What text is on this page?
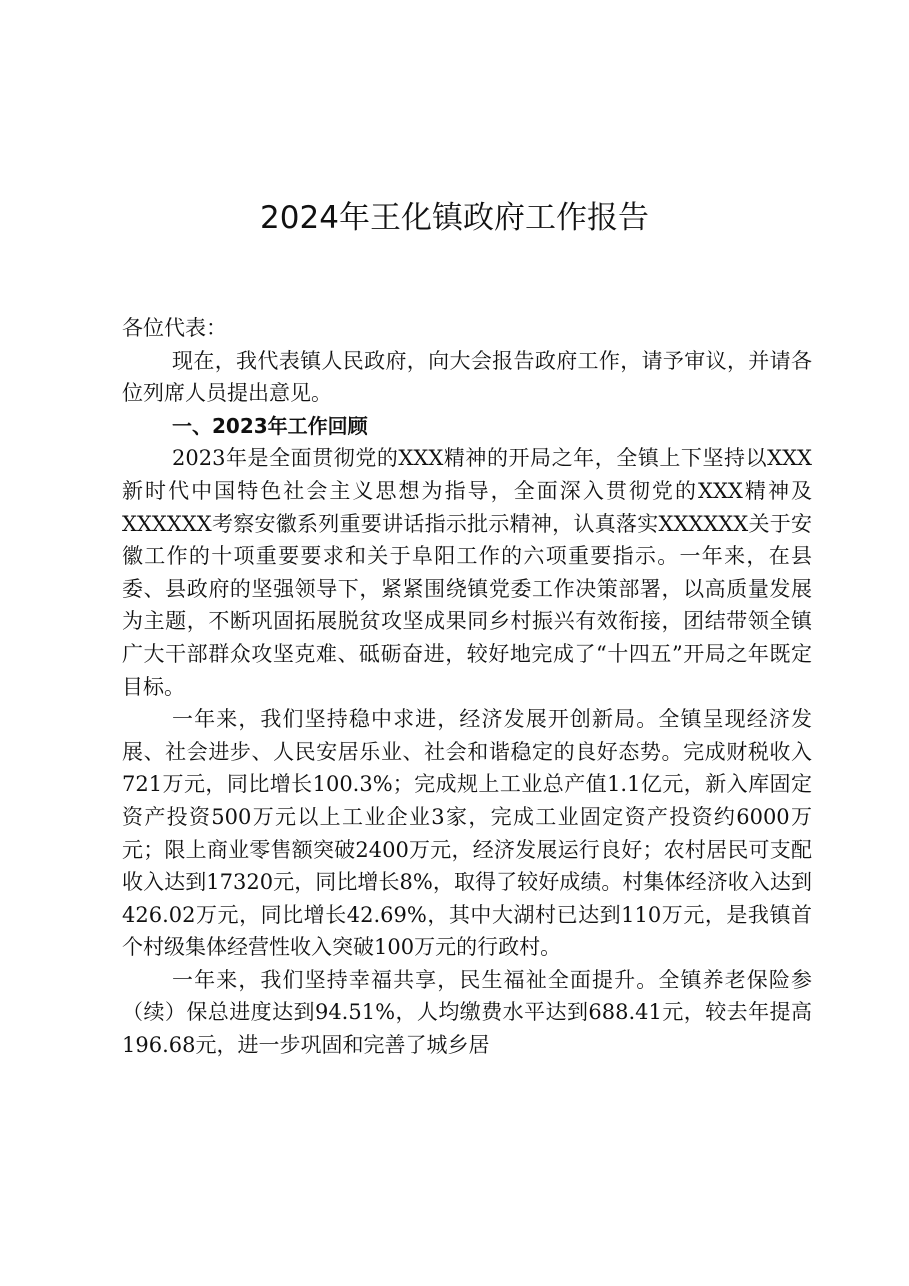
2024年王化镇政府工作报告

各位代表：

现在，我代表镇人民政府，向大会报告政府工作，请予审议，并请各位列席人员提出意见。

一、2023年工作回顾

2023年是全面贯彻党的XXX精神的开局之年，全镇上下坚持以XXX新时代中国特色社会主义思想为指导，全面深入贯彻党的XXX精神及XXXXXX考察安徽系列重要讲话指示批示精神，认真落实XXXXXX关于安徽工作的十项重要要求和关于阜阳工作的六项重要指示。一年来，在县委、县政府的坚强领导下，紧紧围绕镇党委工作决策部署，以高质量发展为主题，不断巩固拓展脱贫攻坚成果同乡村振兴有效衔接，团结带领全镇广大干部群众攻坚克难、砥砺奋进，较好地完成了“十四五”开局之年既定目标。

一年来，我们坚持稳中求进，经济发展开创新局。全镇呈现经济发展、社会进步、人民安居乐业、社会和谐稳定的良好态势。完成财税收入721万元，同比增长100.3%；完成规上工业总产值1.1亿元，新入库固定资产投资500万元以上工业企业3家，完成工业固定资产投资约6000万元；限上商业零售额突破2400万元，经济发展运行良好；农村居民可支配收入达到17320元，同比增长8%，取得了较好成绩。村集体经济收入达到426.02万元，同比增长42.69%，其中大湖村已达到110万元，是我镇首个村级集体经营性收入突破100万元的行政村。

一年来，我们坚持幸福共享，民生福祉全面提升。全镇养老保险参（续）保总进度达到94.51%，人均缴费水平达到688.41元，较去年提高196.68元，进一步巩固和完善了城乡居
